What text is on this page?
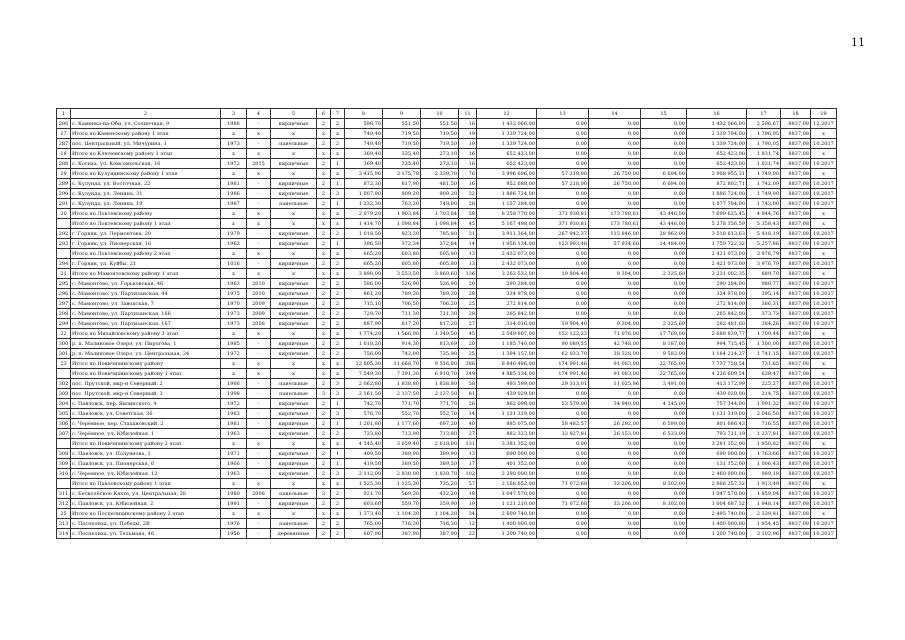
11
1	2	3	4	5	6	7	8	9	10	11	12	13	14	15	16	17	18	19
286	с. Каменка-на-Оби, ул. Солнечная, 9	1986	-	кирпичные	2	2	598,70	551,50	551,50	16	1 432 066,00	0,00	0,00	0,00	1 432 066,00	2 596,67	8837,08	12.2017
17	Итого по Каменскому району 1 этап	x	x	x	x	x	749,40	719,50	719,50	19	1 339 724,00	0,00	0,00	0,00	2 319 794,00	1 796,95	8837,08	x
287	пос. Центральный, ул. Мичурина, 1	1973	-	панельные	2	2	749,40	719,50	719,50	19	1 339 724,00	0,00	0,00	0,00	1 339 724,00	1 790,05	8837,08	10.2017
18	Итого по Ключевскому району 1 этап	x	x	x	x	x	369,40	335,40	273,10	16	652 423,00	0,00	0,00	0,00	652 423,00	1 831,74	8837,08	x
288	с. Косиха, ул. Комсомольская, 16	1972	2015	кирпичные	2	1	369,40	335,40	273,10	16	652 423,00	0,00	0,00	0,00	652 423,00	1 831,74	8837,08	10.2017
19	Итого по Кулундинскому району 1 этап	x	x	x	x	x	3 415,90	3 175,78	2 339,78	76	3 996 696,00	57 218,00	26 750,00	6 694,00	3 908 955,31	1 749,00	8837,08	x
289	с. Кулунда, ул. Восточная, 22	1981	-	кирпичные	2	1	872,30	817,90	481,50	16	952 688,00	57 218,00	26 750,00	6 694,00	872 802,71	1 742,09	8837,08	10.2017
290	с. Кулунда, ул. Ленина, 31	1986	-	кирпичные	2	3	1 007,90	909,20	909,20	32	1 886 724,00	0,00	0,00	0,00	1 886 724,00	1 749,00	8837,08	10.2017
291	с. Кулунда, ул. Ленина, 19	1987	-	панельные	2	1	1 232,30	763,20	749,00	28	1 157 284,00	0,00	0,00	0,00	1 077 784,00	1 743,00	8837,08	10.2017
20	Итого по Локтевскому району	x	x	x	x	x	2 079,20	1 903,84	1 703,84	58	8 258 770,00	371 930,81	173 780,61	43 446,00	7 699 625,45	4 844,76	8837,08	x
	Итого по Локтевскому району 1 этап	x	x	x	x	x	1 414,70	1 098,84	1 098,84	45	5 167 498,00	371 930,81	173 780,61	43 446,00	5 278 356,59	5 358,43	8837,08	x
292	г. Горняк, ул. Лермонтова, 20	1979	-	кирпичные	2	2	1 018,50	923,20	785,80	31	3 911 364,00	267 942,37	115 846,00	28 962,00	3 518 613,63	5 418,19	8837,08	10.2017
293	г. Горняк, ул. Пионерская, 16	1962	-	кирпичные	2	1	396,50	372,34	372,84	14	1 956 134,00	123 993,48	57 934,60	14 484,00	1 759 722,32	5 257,86	8837,08	10.2017
	Итого по Локтевскому району 2 этап	x	x	x	x	x	665,20	603,80	605,80	13	2 432 073,00	0,00	0,00	0,00	2 421 073,00	3 976,79	8837,08	x
294	г. Горняк, ул. Куйбы, 21	1016	-	кирпичные	2	2	665,20	605,80	605,80	13	2 432 073,00	0,00	0,00	0,00	2 421 073,00	3 976,79	8837,08	10.2017
21	Итого по Мамонтовскому району 1 этап	x	x	x	x	x	3 890,00	3 553,50	3 869,60	136	3 262 532,00	19 904,40	9 304,00	2 325,60	3 231 002,35	889,70	8837,08	x
295	с. Мамонтово, ул. Горьковская, 46	1963	2010	кирпичные	2	2	586,00	526,90	526,90	20	290 284,00	0,00	0,00	0,00	290 284,00	980,77	8837,08	10.2017
296	с. Мамонтово, ул. Партизанская, 44	1975	2010	кирпичные	2	2	861,20	789,30	789,30	28	334 978,00	0,00	0,00	0,00	334 978,00	395,14	8837,08	10.2017
297	с. Мамонтово, ул. Заводская, 7	1970	2009	кирпичные	2	2	715,10	706,50	706,20	25	272 814,00	0,00	0,00	0,00	272 814,00	386,31	8837,08	10.2017
298	с. Мамонтово, ул. Партизанская, 166	1973	2009	кирпичные	2	2	729,70	711,30	711,30	28	265 842,00	0,00	0,00	0,00	265 842,00	373,73	8837,08	10.2017
299	с. Мамонтово, ул. Партизанская, 167	1973	2008	кирпичные	2	2	887,90	817,20	817,20	27	314 016,00	19 904,40	9 304,00	2 325,60	282 481,60	384,26	8837,08	10.2017
22	Итого по Михайловскому району 1 этап	x	x	x	x	x	1 774,20	1 566,90	1 349,50	45	2 549 807,00	152 122,23	71 076,00	17 769,00	2 688 839,77	1 709,44	8837,08	x
300	р. п. Малиновое Озеро, ул. Пирогова, 1	1985	-	кирпичные	2	2	1 018,20	914,30	813,69	20	1 185 740,00	90 089,55	42 748,00	8 187,00	994 715,45	1 300,00	8837,08	10.2017
301	р. п. Малиновое Озеро, ул. Центральная, 24	1972	-	кирпичные	2	2	756,00	742,00	735,90	25	1 394 157,00	62 033,70	38 328,00	9 582,00	1 164 214,27	1 741,15	8837,08	10.2017
23	Итого по Новичихинскому району	x	x	x	x	x	12 605,30	11 668,70	9 516,80	386	8 846 486,00	174 991,46	91 083,00	22 765,00	7 737 758,54	731,65	8837,08	x
	Итого по Новичихинскому району 1 этап	x	x	x	x	x	7 549,30	7 391,30	6 910,70	249	4 885 134,00	174 991,46	91 083,00	22 765,00	4 226 609,54	638,47	8837,08	x
302	пос. Прутской, мкр-н Северный, 2	1986	-	панельные	2	3	2 062,80	1 838,80	1 838,80	58	493 599,00	29 313,01	11 025,96	3 491,00	413 172,99	225,27	8837,08	10.2017
303	пос. Прутской, мкр-н Северный, 3	1998	-	панельные	3	3	2 161,50	2 137,50	2 137,50	81	439 029,00	0,00	0,00	0,00	439 029,00	214,75	8837,08	10.2017
304	с. Павловск, пер. Явлинского, 4	1972	-	кирпичные	2	1	742,70	771,70	771,70	26	862 098,00	53 579,00	34 940,00	4 245,00	757 344,00	1 091,32	8837,08	10.2017
305	с. Павловск, ул. Советская, 36	1963	-	кирпичные	2	3	576,70	552,70	552,70	14	1 131 319,00	0,00	0,00	0,00	1 131 319,00	2 046,50	8837,08	10.2017
306	с. Черёмное, пер. Стахановский, 2	1981	-	кирпичные	2	1	1 201,80	1 177,60	697,20	40	885 075,00	58 482,57	26 292,00	6 599,00	801 686,43	716,55	8837,08	10.2017
307	с. Черёмное, ул. Юбилейная, 1	1963	-	кирпичные	2	2	733,80	713,90	713,80	27	882 323,00	33 927,81	26 153,00	6 533,00	793 711,19	1 237,81	8837,08	10.2017
	Итого по Новичихинскому району 2 этап	x	x	x	x	x	4 545,40	3 659,40	2 619,00	131	3 381 352,00	0,00	0,00	0,00	3 281 352,00	1 950,82	8837,08	x
308	с. Павловск, ул. Полуянова, 1	1971	-	кирпичные	2	1	409,50	389,90	389,90	13	690 000,00	0,00	0,00	0,00	690 000,00	1 763,66	8837,08	10.2017
309	с. Павловск, ул. Пионерская, 6	1966	-	кирпичные	2	1	419,50	389,50	389,50	17	401 352,00	0,00	0,00	0,00	131 152,00	1 006,43	8837,08	10.2017
310	с. Черемное, ул. Юбилейная, 12	1963	-	кирпичные	2	3	2 112,00	2 830,00	1 839,70	102	2 290 000,00	0,00	0,00	0,00	2 460 000,00	989,18	8837,08	10.2017
	Итого по Павловскому району 1 этап	x	x	x	x	x	1 525,30	1 125,30	735,20	57	2 168 652,00	71 072,68	33 206,00	8 302,00	2 866 257,32	1 913,49	8837,08	x
311	с. Бесколёсное Кяхте, ул. Центральная, 28	1980	2008	панельные	3	2	921,70	569,30	412,20	18	1 047 570,00	0,00	0,00	0,00	1 047 570,00	1 859,04	8837,08	10.2017
312	с. Павловск, ул. Юбилейная, 2	1991	-	кирпичные	2	2	603,60	559,70	359,90	19	1 121 210,00	71 072,68	33 206,00	8 302,00	1 004 687,32	1 948,14	8837,08	10.2017
25	Итого по Поспелихинскому району 2 этап	x	x	x	x	x	1 373,40	1 104,30	1 104,20	34	2 600 740,00	0,00	0,00	0,00	2 495 740,00	2 339,81	8837,08	x
313	с. Поспелиха, ул. Победы, 2В	1976	-	панельные	2	2	765,00	716,30	716,30	12	1 400 000,00	0,00	0,00	0,00	1 400 000,00	1 954,45	8837,08	10.2017
314	с. Поспелиха, ул. Тельмана, 46	1956	-	деревянные	2	2	607,90	387,90	387,90	22	1 200 740,00	0,00	0,00	0,00	1 200 740,00	3 102,96	8837,08	10.2017
